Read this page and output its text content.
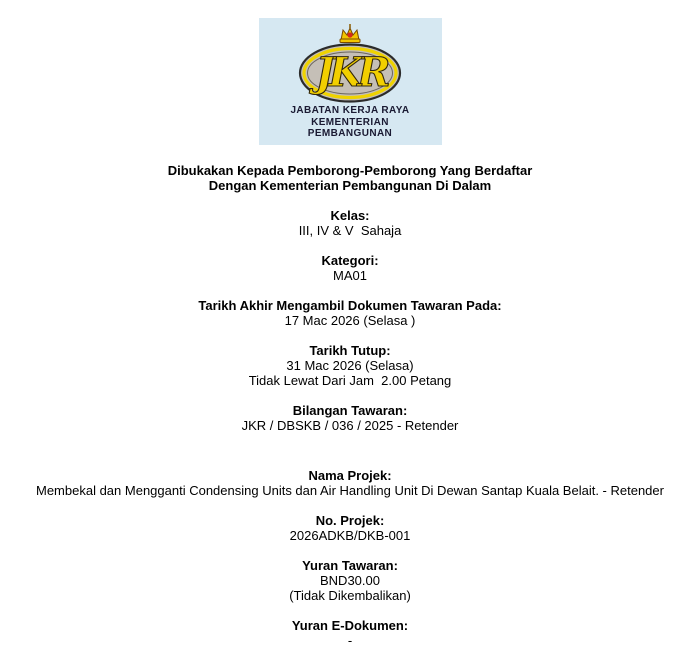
JKR
JABATAN KERJA RAYA
KEMENTERIAN
PEMBANGUNAN
Dibukakan Kepada Pemborong-Pemborong Yang Berdaftar
Dengan Kementerian Pembangunan Di Dalam
Kelas:
III, IV & V  Sahaja
Kategori:
MA01
Tarikh Akhir Mengambil Dokumen Tawaran Pada:
17 Mac 2026 (Selasa )
Tarikh Tutup:
31 Mac 2026 (Selasa)
Tidak Lewat Dari Jam  2.00 Petang
Bilangan Tawaran:
JKR / DBSKB / 036 / 2025 - Retender
Nama Projek:
Membekal dan Mengganti Condensing Units dan Air Handling Unit Di Dewan Santap Kuala Belait. - Retender
No. Projek:
2026ADKB/DKB-001
Yuran Tawaran:
BND30.00
(Tidak Dikembalikan)
Yuran E-Dokumen:
-
